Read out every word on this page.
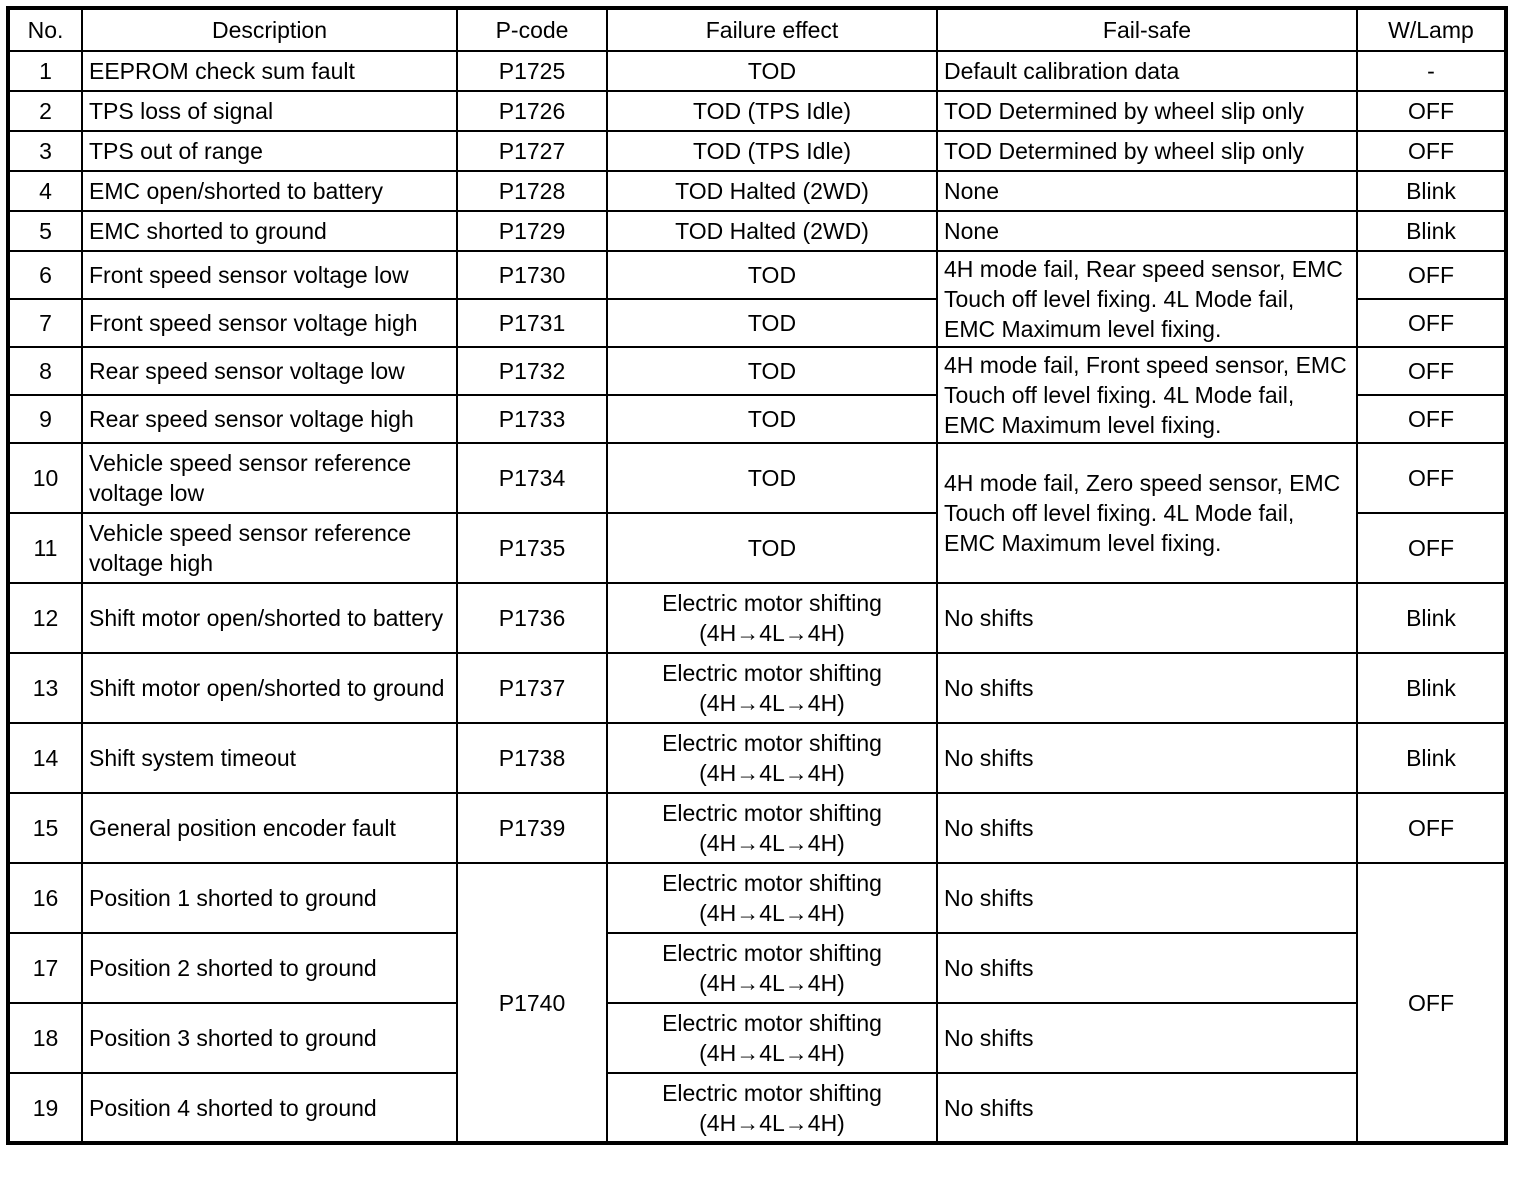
No.	Description	P-code	Failure effect	Fail-safe	W/Lamp
1	EEPROM check sum fault	P1725	TOD	Default calibration data	-
2	TPS loss of signal	P1726	TOD (TPS Idle)	TOD Determined by wheel slip only	OFF
3	TPS out of range	P1727	TOD (TPS Idle)	TOD Determined by wheel slip only	OFF
4	EMC open/shorted to battery	P1728	TOD Halted (2WD)	None	Blink
5	EMC shorted to ground	P1729	TOD Halted (2WD)	None	Blink
6	Front speed sensor voltage low	P1730	TOD	4H mode fail, Rear speed sensor, EMC Touch off level fixing. 4L Mode fail, EMC Maximum level fixing.	OFF
7	Front speed sensor voltage high	P1731	TOD		OFF
8	Rear speed sensor voltage low	P1732	TOD	4H mode fail, Front speed sensor, EMC Touch off level fixing. 4L Mode fail, EMC Maximum level fixing.	OFF
9	Rear speed sensor voltage high	P1733	TOD		OFF
10	Vehicle speed sensor reference voltage low	P1734	TOD	4H mode fail, Zero speed sensor, EMC Touch off level fixing. 4L Mode fail, EMC Maximum level fixing.	OFF
11	Vehicle speed sensor reference voltage high	P1735	TOD		OFF
12	Shift motor open/shorted to battery	P1736	Electric motor shifting
(4H→4L→4H)	No shifts	Blink
13	Shift motor open/shorted to ground	P1737	Electric motor shifting
(4H→4L→4H)	No shifts	Blink
14	Shift system timeout	P1738	Electric motor shifting
(4H→4L→4H)	No shifts	Blink
15	General position encoder fault	P1739	Electric motor shifting
(4H→4L→4H)	No shifts	OFF
16	Position 1 shorted to ground	P1740	Electric motor shifting
(4H→4L→4H)	No shifts	OFF
17	Position 2 shorted to ground		Electric motor shifting
(4H→4L→4H)	No shifts	
18	Position 3 shorted to ground		Electric motor shifting
(4H→4L→4H)	No shifts	
19	Position 4 shorted to ground		Electric motor shifting
(4H→4L→4H)	No shifts	
